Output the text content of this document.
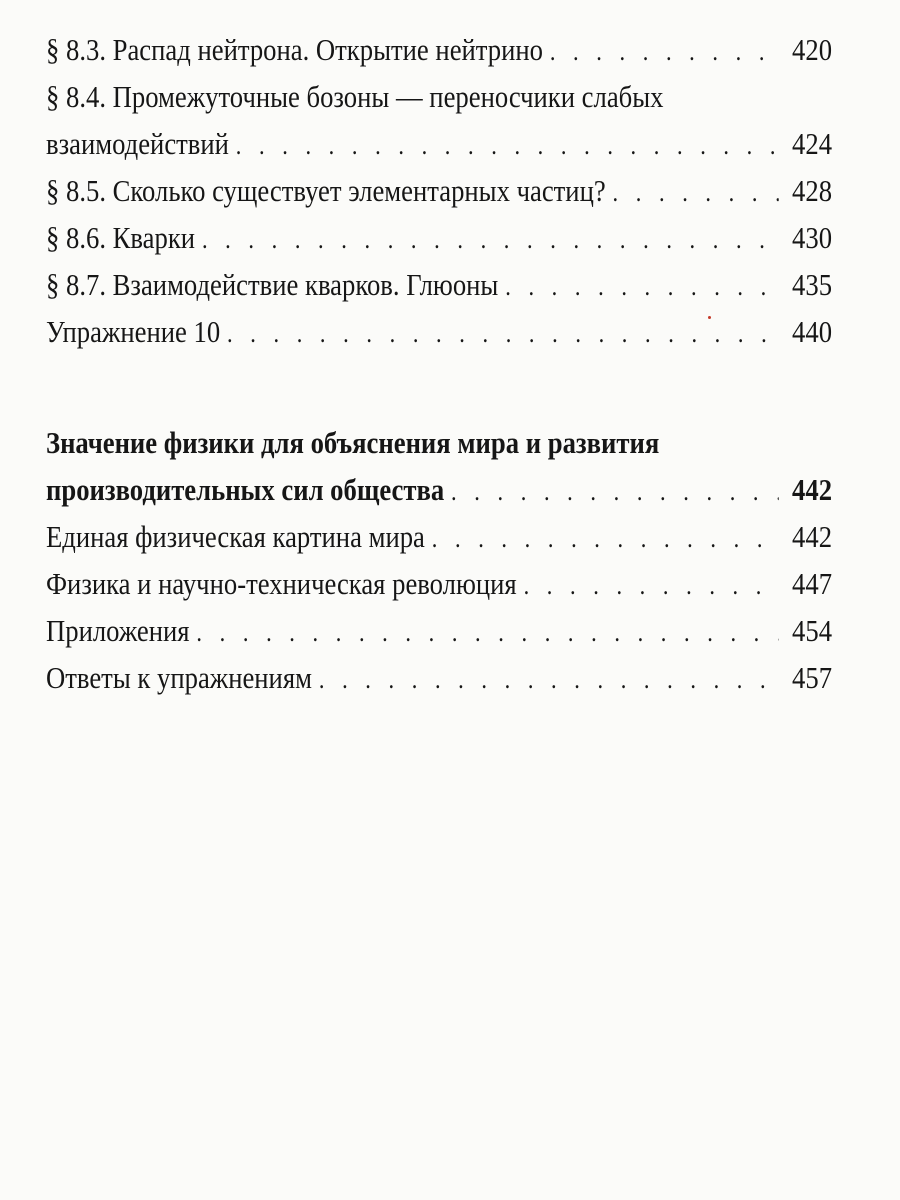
§ 8.3. Распад нейтрона. Открытие нейтрино . . .	420
§ 8.4. Промежуточные бозоны — переносчики слабых
взаимодействий . . .	424
§ 8.5. Сколько существует элементарных частиц? . . .	428
§ 8.6. Кварки . . .	430
§ 8.7. Взаимодействие кварков. Глюоны . . .	435
Упражнение 10 . . .	440
Значение физики для объяснения мира и развития
производительных сил общества . . .	442
Единая физическая картина мира . . .	442
Физика и научно-техническая революция . . .	447
Приложения . . .	454
Ответы к упражнениям . . .	457
